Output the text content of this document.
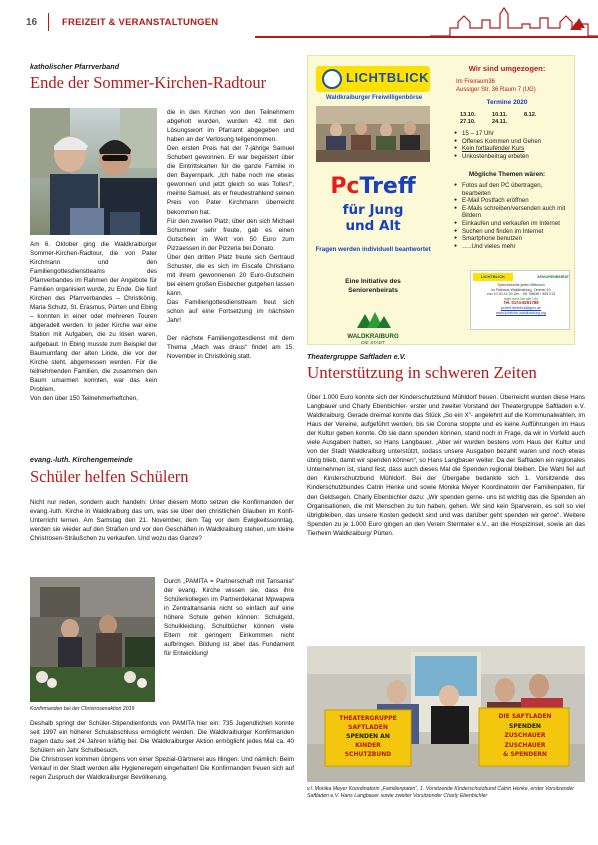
16	FREIZEIT & VERANSTALTUNGEN
katholischer Pfarrverband
Ende der Sommer-Kirchen-Radtour

Am 6. Oktober ging die Waldkraiburger Sommer-Kirchen-Radtour, die von Pater Kirchmann und den Familiengottesdienstteams des Pfarrverbandes im Rahmen der Angebote für Familien organisiert wurde, zu Ende. Die fünf Kirchen des Pfarrverbandes – Christkönig, Maria Schutz, St. Erasmus, Pürten und Ebing – konnten in einer oder mehreren Touren abgeradelt werden. In jeder Kirche war eine Station mit Aufgaben, die zu lösen waren, aufgebaut. In Ebing musste zum Beispiel der Baumumfang der alten Linde, die vor der Kirche steht, abgemessen werden. Für die teilnehmenden Familien, die zusammen den Baum umarmen konnten, war das kein Problem.

Von den über 150 Teilnehmerheftchen,

die in den Kirchen von den Teilnehmern abgeholt wurden, wurden 42 mit den Lösungswort im Pfarramt abgegeben und haben an der Verlosung teilgenommen.

Den ersten Preis hat der 7-jährige Samuel Schubert gewonnen. Er war begeistert über die Eintrittskarten für die ganze Familie in den Bayernpark. „Ich habe noch nie etwas gewonnen und jetzt gleich so was Tolles!“, meinte Samuel, als er freudestrahlend seinen Preis von Pater Kirchmann überreicht bekommen hat.

Für den zweiten Platz, über den sich Michael Schummer sehr freute, gab es einen Gutschein im Wert von 50 Euro zum Pizzaessen in der Pizzeria bei Donato.

Über den dritten Platz freute sich Gertraud Schuster, die es sich im Eiscafe Christiano mit ihrem gewonnenen 20 Euro-Gutschein bei einem großen Eisbecher gutgehen lassen kann.

Das Familiengottesdienstteam freut sich schon auf eine Fortsetzung im nächsten Jahr!

Der nächste Familiengottesdienst mit dem Thema „Mach was draus“ findet am 15. November in Christkönig statt.

evang.-luth. Kirchengemeinde
Schüler helfen Schülern
Nicht nur reden, sondern auch handeln: Unter diesem Motto setzen die Konfirmanden der evang.-luth. Kirche in Waldkraiburg das um, was sie über den christlichen Glauben im Konfi-Unterricht lernen. Am Samstag den 21. November, dem Tag vor dem Ewigkeitssonntag, werden sie wieder auf den Straßen und vor den Geschäften in Waldkraiburg stehen, um kleine Christrosen-Sträußchen zu verkaufen. Und wozu das Ganze?
Konfirmanden bei der Christrosenaktion 2019
Durch „PAMITA = Partnerschaft mit Tansania“ der evang. Kirche wissen sie, dass ihre Schülerkollegen im Partnerdekanat Mpwapwa in Zentraltansania nicht so einfach auf eine höhere Schule gehen können: Schulgeld, Schulkleidung, Schulbücher können viele Eltern mit geringem Einkommen nicht aufbringen. Bildung ist aber das Fundament für Entwicklung!

Deshalb springt der Schüler-Stipendienfonds von PAMITA hier ein: 735 Jugendlichen konnte seit 1997 ein höherer Schulabschluss ermöglicht werden. Die Waldkraiburger Konfirmanden tragen dazu seit 24 Jahren kräftig bei: Die Waldkraiburger Aktion ermöglicht jedes Mal ca. 40 Schülern ein Jahr Schulbesuch.

Die Christrosen kommen übrigens von einer Spezial-Gärtnerei aus Illingen. Und nämlich: Beim Verkauf in der Stadt werden alle Hygieneregeln eingehalten! Die Konfirmanden freuen sich auf regen Zuspruch der Waldkraiburger Bevölkerung.

LICHTBLICK
Waldkraiburger Freiwilligenbörse
PcTreff
für Jung
und Alt
Fragen werden individuell beantwortet
Eine Initiative des
Seniorenbeirats
WALDKRAIBURG
DIE STADT
Wir sind umgezogen:
Im Freiraum36
Aussiger Str. 36 Raum 7 (UG)
Termine 2020
13.10.	10.11.	8.12.
27.10.	24.11.
● 15 – 17 Uhr
● Offenes Kommen und Gehen
● Kein fortlaufender Kurs
● Unkostenbeitrag erbeten
Mögliche Themen wären:
● Fotos auf den PC übertragen, bearbeiten
● E-Mail Postfach eröffnen
● E-Mails schreiben/versenden auch mit Bildern
● Einkaufen und verkaufen im Internet
● Suchen und finden im Internet
● Smartphone benutzen
● …..Und vieles mehr
LICHTBLICK	SENIORENBEIRAT
Sprechstunde jeden Mittwoch
im Rathaus Waldkraiburg, Zimmer 10
von 10.30-11.30 Uhr - Tel. 08638 / 959 213
oder rund um die Uhr
Tel. 0174-8261788
pctreff-lichtblick@gmx.de
www.lichtblick-waldkraiburg.org
Theatergruppe Saftladen e.V.
Unterstützung in schweren Zeiten
Über 1.000 Euro konnte sich der Kinderschutzbund Mühldorf freuen. Überreicht wurden diese Hans Langbauer und Charly Ebenbichler- erster und zweiter Vorstand der Theatergruppe Saftladen e.V. Waldkraiburg. Gerade dreimal konnte das Stück „So ein X“- angelehnt auf die Kommunalwahlen, im Haus der Vereine, aufgeführt werden, bis sie Corona stoppte und es keine Aufführungen im Haus der Kultur geben konnte. Ob sie dann spenden können, stand noch in Frage, da wir in Vorfeld auch viele Ausgaben hatten, so Hans Langbauer. „Aber wir wurden bestens vom Haus der Kultur und von der Stadt Waldkraiburg unterstützt, sodass unsere Ausgaben bezahlt waren und noch etwas übrig blieb, damit wir spenden können“, so Hans Langbauer weiter. Da der Saftladen ein regionales Unternehmen ist, stand fest, dass auch dieses Mal die Spenden regional bleiben. Die Wahl fiel auf den Kinderschutzbund Mühldorf. Bei der Übergabe bedankte sich 1. Vorsitzende des Kinderschutzbundes Catrin Henke und sowie Monika Meyer Koordinatorin der Familienpaten, für den Geldsegen. Charly Ebenbichler dazu: „Wir spenden gerne- uns ist wichtig das die Spenden an Organisationen, die mit Menschen zu tun haben, gehen. Wir sind kein Sparverein, es soll so viel übrigbleiben, das unsere Kosten gedeckt sind und was darüber geht spenden wir gerne“. Weitere Spenden zu je 1.000 Euro gingen an den Verein Sterntaler e.V., an die Hospizinsel, sowie an das Tierheim Waldkraiburg/ Pürten.
THEATERGRUPPE
SAFTLADEN
SPENDEN AN
KINDER
SCHUTZBUND
DIE SAFTLADEN
SPENDEN
ZUSCHAUER
ZUSCHAUER
& SPENDERN
v.l. Monika Meyer Koordinatorin „Familienpaten“, 1. Vorsitzende Kinderschutzbund Catrin Henke, erster Vorsitzender Saftladen e.V. Hans Langbauer sowie zweiter Vorsitzender Charly Ebenbichler
